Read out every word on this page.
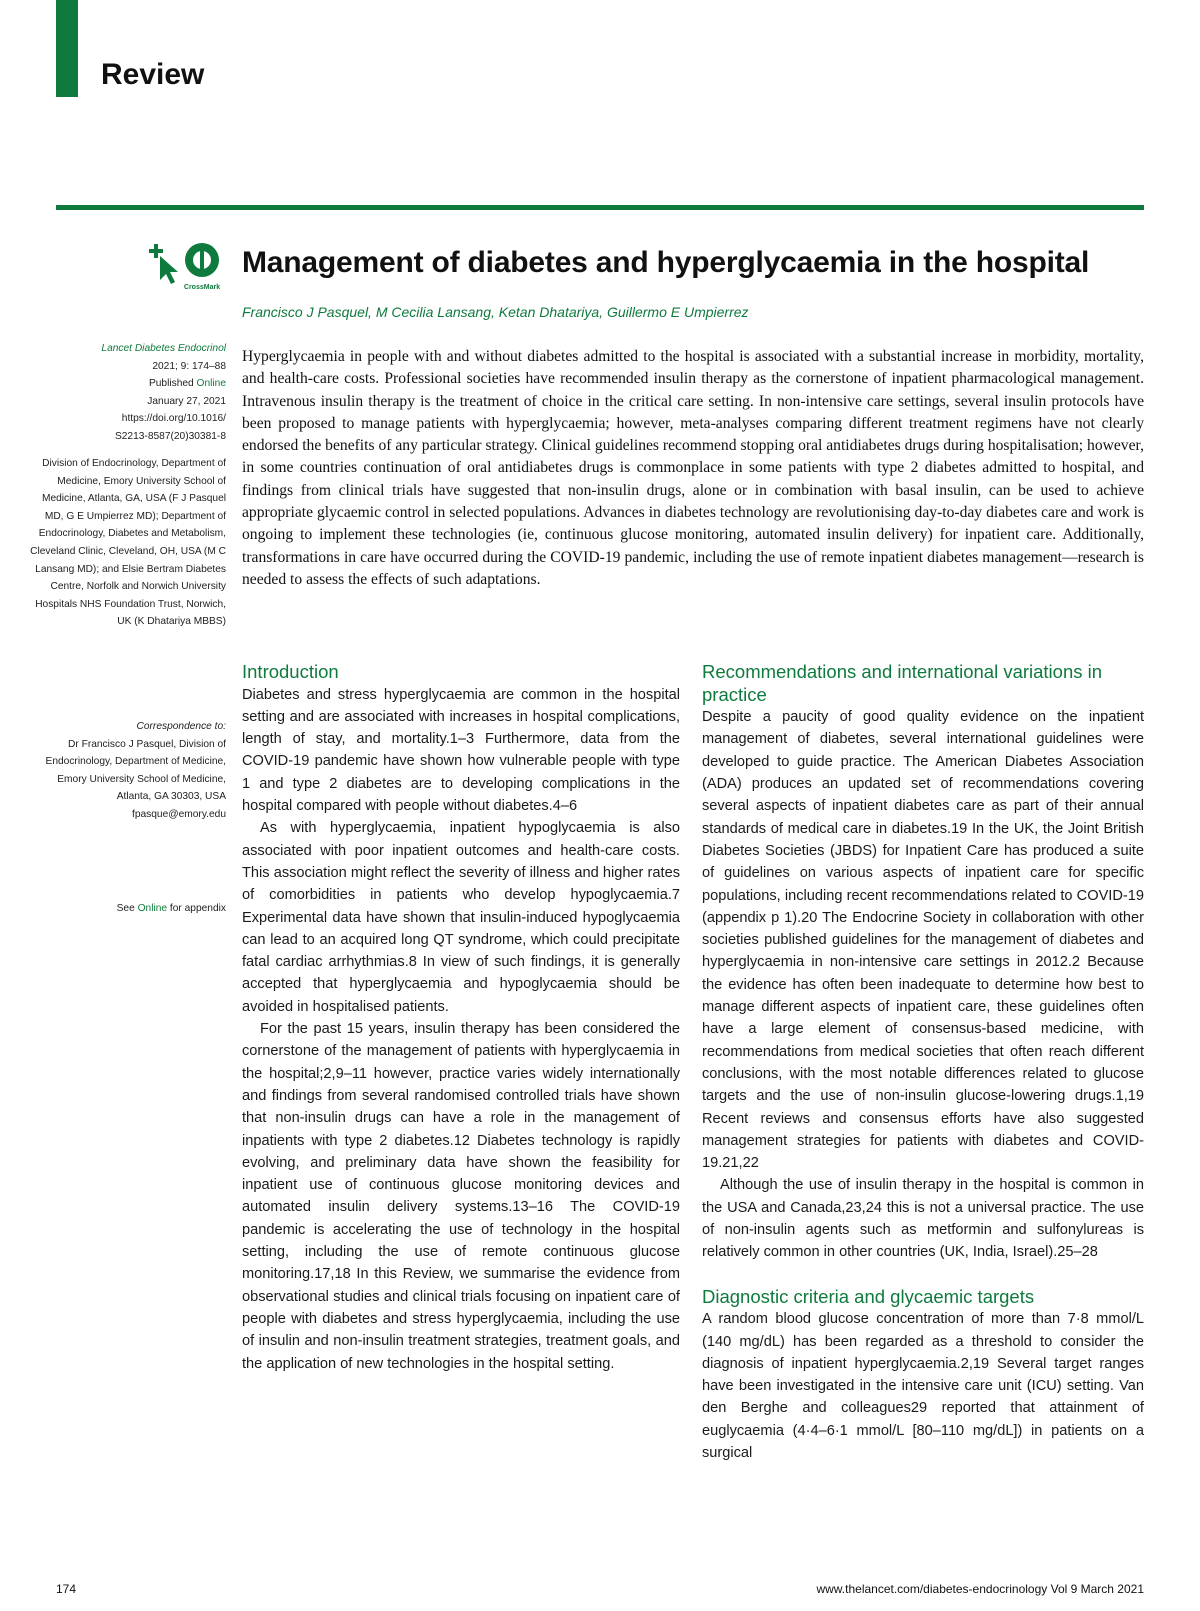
Review
CrossMark
Management of diabetes and hyperglycaemia in the hospital
Francisco J Pasquel, M Cecilia Lansang, Ketan Dhatariya, Guillermo E Umpierrez

Lancet Diabetes Endocrinol

2021; 9: 174–88

Published Online

January 27, 2021

https://doi.org/10.1016/

S2213-8587(20)30381-8

Division of Endocrinology, Department of Medicine, Emory University School of Medicine, Atlanta, GA, USA (F J Pasquel MD, G E Umpierrez MD); Department of Endocrinology, Diabetes and Metabolism, Cleveland Clinic, Cleveland, OH, USA (M C Lansang MD); and Elsie Bertram Diabetes Centre, Norfolk and Norwich University Hospitals NHS Foundation Trust, Norwich, UK (K Dhatariya MBBS)

Correspondence to:

Dr Francisco J Pasquel, Division of Endocrinology, Department of Medicine, Emory University School of Medicine, Atlanta, GA 30303, USA

fpasque@emory.edu

See Online for appendix
Hyperglycaemia in people with and without diabetes admitted to the hospital is associated with a substantial increase in morbidity, mortality, and health-care costs. Professional societies have recommended insulin therapy as the cornerstone of inpatient pharmacological management. Intravenous insulin therapy is the treatment of choice in the critical care setting. In non-intensive care settings, several insulin protocols have been proposed to manage patients with hyperglycaemia; however, meta-analyses comparing different treatment regimens have not clearly endorsed the benefits of any particular strategy. Clinical guidelines recommend stopping oral antidiabetes drugs during hospitalisation; however, in some countries continuation of oral antidiabetes drugs is commonplace in some patients with type 2 diabetes admitted to hospital, and findings from clinical trials have suggested that non-insulin drugs, alone or in combination with basal insulin, can be used to achieve appropriate glycaemic control in selected populations. Advances in diabetes technology are revolutionising day-to-day diabetes care and work is ongoing to implement these technologies (ie, continuous glucose monitoring, automated insulin delivery) for inpatient care. Additionally, transformations in care have occurred during the COVID-19 pandemic, including the use of remote inpatient diabetes management—research is needed to assess the effects of such adaptations.
Introduction

Diabetes and stress hyperglycaemia are common in the hospital setting and are associated with increases in hospital complications, length of stay, and mortality.1–3 Furthermore, data from the COVID-19 pandemic have shown how vulnerable people with type 1 and type 2 diabetes are to developing complications in the hospital compared with people without diabetes.4–6

As with hyperglycaemia, inpatient hypoglycaemia is also associated with poor inpatient outcomes and health-care costs. This association might reflect the severity of illness and higher rates of comorbidities in patients who develop hypoglycaemia.7 Experimental data have shown that insulin-induced hypoglycaemia can lead to an acquired long QT syndrome, which could precipitate fatal cardiac arrhythmias.8 In view of such findings, it is generally accepted that hyperglycaemia and hypoglycaemia should be avoided in hospitalised patients.

For the past 15 years, insulin therapy has been considered the cornerstone of the management of patients with hyperglycaemia in the hospital;2,9–11 however, practice varies widely internationally and findings from several randomised controlled trials have shown that non-insulin drugs can have a role in the management of inpatients with type 2 diabetes.12 Diabetes technology is rapidly evolving, and preliminary data have shown the feasibility for inpatient use of continuous glucose monitoring devices and automated insulin delivery systems.13–16 The COVID-19 pandemic is accelerating the use of technology in the hospital setting, including the use of remote continuous glucose monitoring.17,18 In this Review, we summarise the evidence from observational studies and clinical trials focusing on inpatient care of people with diabetes and stress hyperglycaemia, including the use of insulin and non-insulin treatment strategies, treatment goals, and the application of new technologies in the hospital setting.

Recommendations and international variations in practice

Despite a paucity of good quality evidence on the inpatient management of diabetes, several international guidelines were developed to guide practice. The American Diabetes Association (ADA) produces an updated set of recommendations covering several aspects of inpatient diabetes care as part of their annual standards of medical care in diabetes.19 In the UK, the Joint British Diabetes Societies (JBDS) for Inpatient Care has produced a suite of guidelines on various aspects of inpatient care for specific populations, including recent recommendations related to COVID-19 (appendix p 1).20 The Endocrine Society in collaboration with other societies published guidelines for the management of diabetes and hyperglycaemia in non-intensive care settings in 2012.2 Because the evidence has often been inadequate to determine how best to manage different aspects of inpatient care, these guidelines often have a large element of consensus-based medicine, with recommendations from medical societies that often reach different conclusions, with the most notable differences related to glucose targets and the use of non-insulin glucose-lowering drugs.1,19 Recent reviews and consensus efforts have also suggested management strategies for patients with diabetes and COVID-19.21,22

Although the use of insulin therapy in the hospital is common in the USA and Canada,23,24 this is not a universal practice. The use of non-insulin agents such as metformin and sulfonylureas is relatively common in other countries (UK, India, Israel).25–28

Diagnostic criteria and glycaemic targets

A random blood glucose concentration of more than 7·8 mmol/L (140 mg/dL) has been regarded as a threshold to consider the diagnosis of inpatient hyperglycaemia.2,19 Several target ranges have been investigated in the intensive care unit (ICU) setting. Van den Berghe and colleagues29 reported that attainment of euglycaemia (4·4–6·1 mmol/L [80–110 mg/dL]) in patients on a surgical

174	www.thelancet.com/diabetes-endocrinology Vol 9 March 2021
